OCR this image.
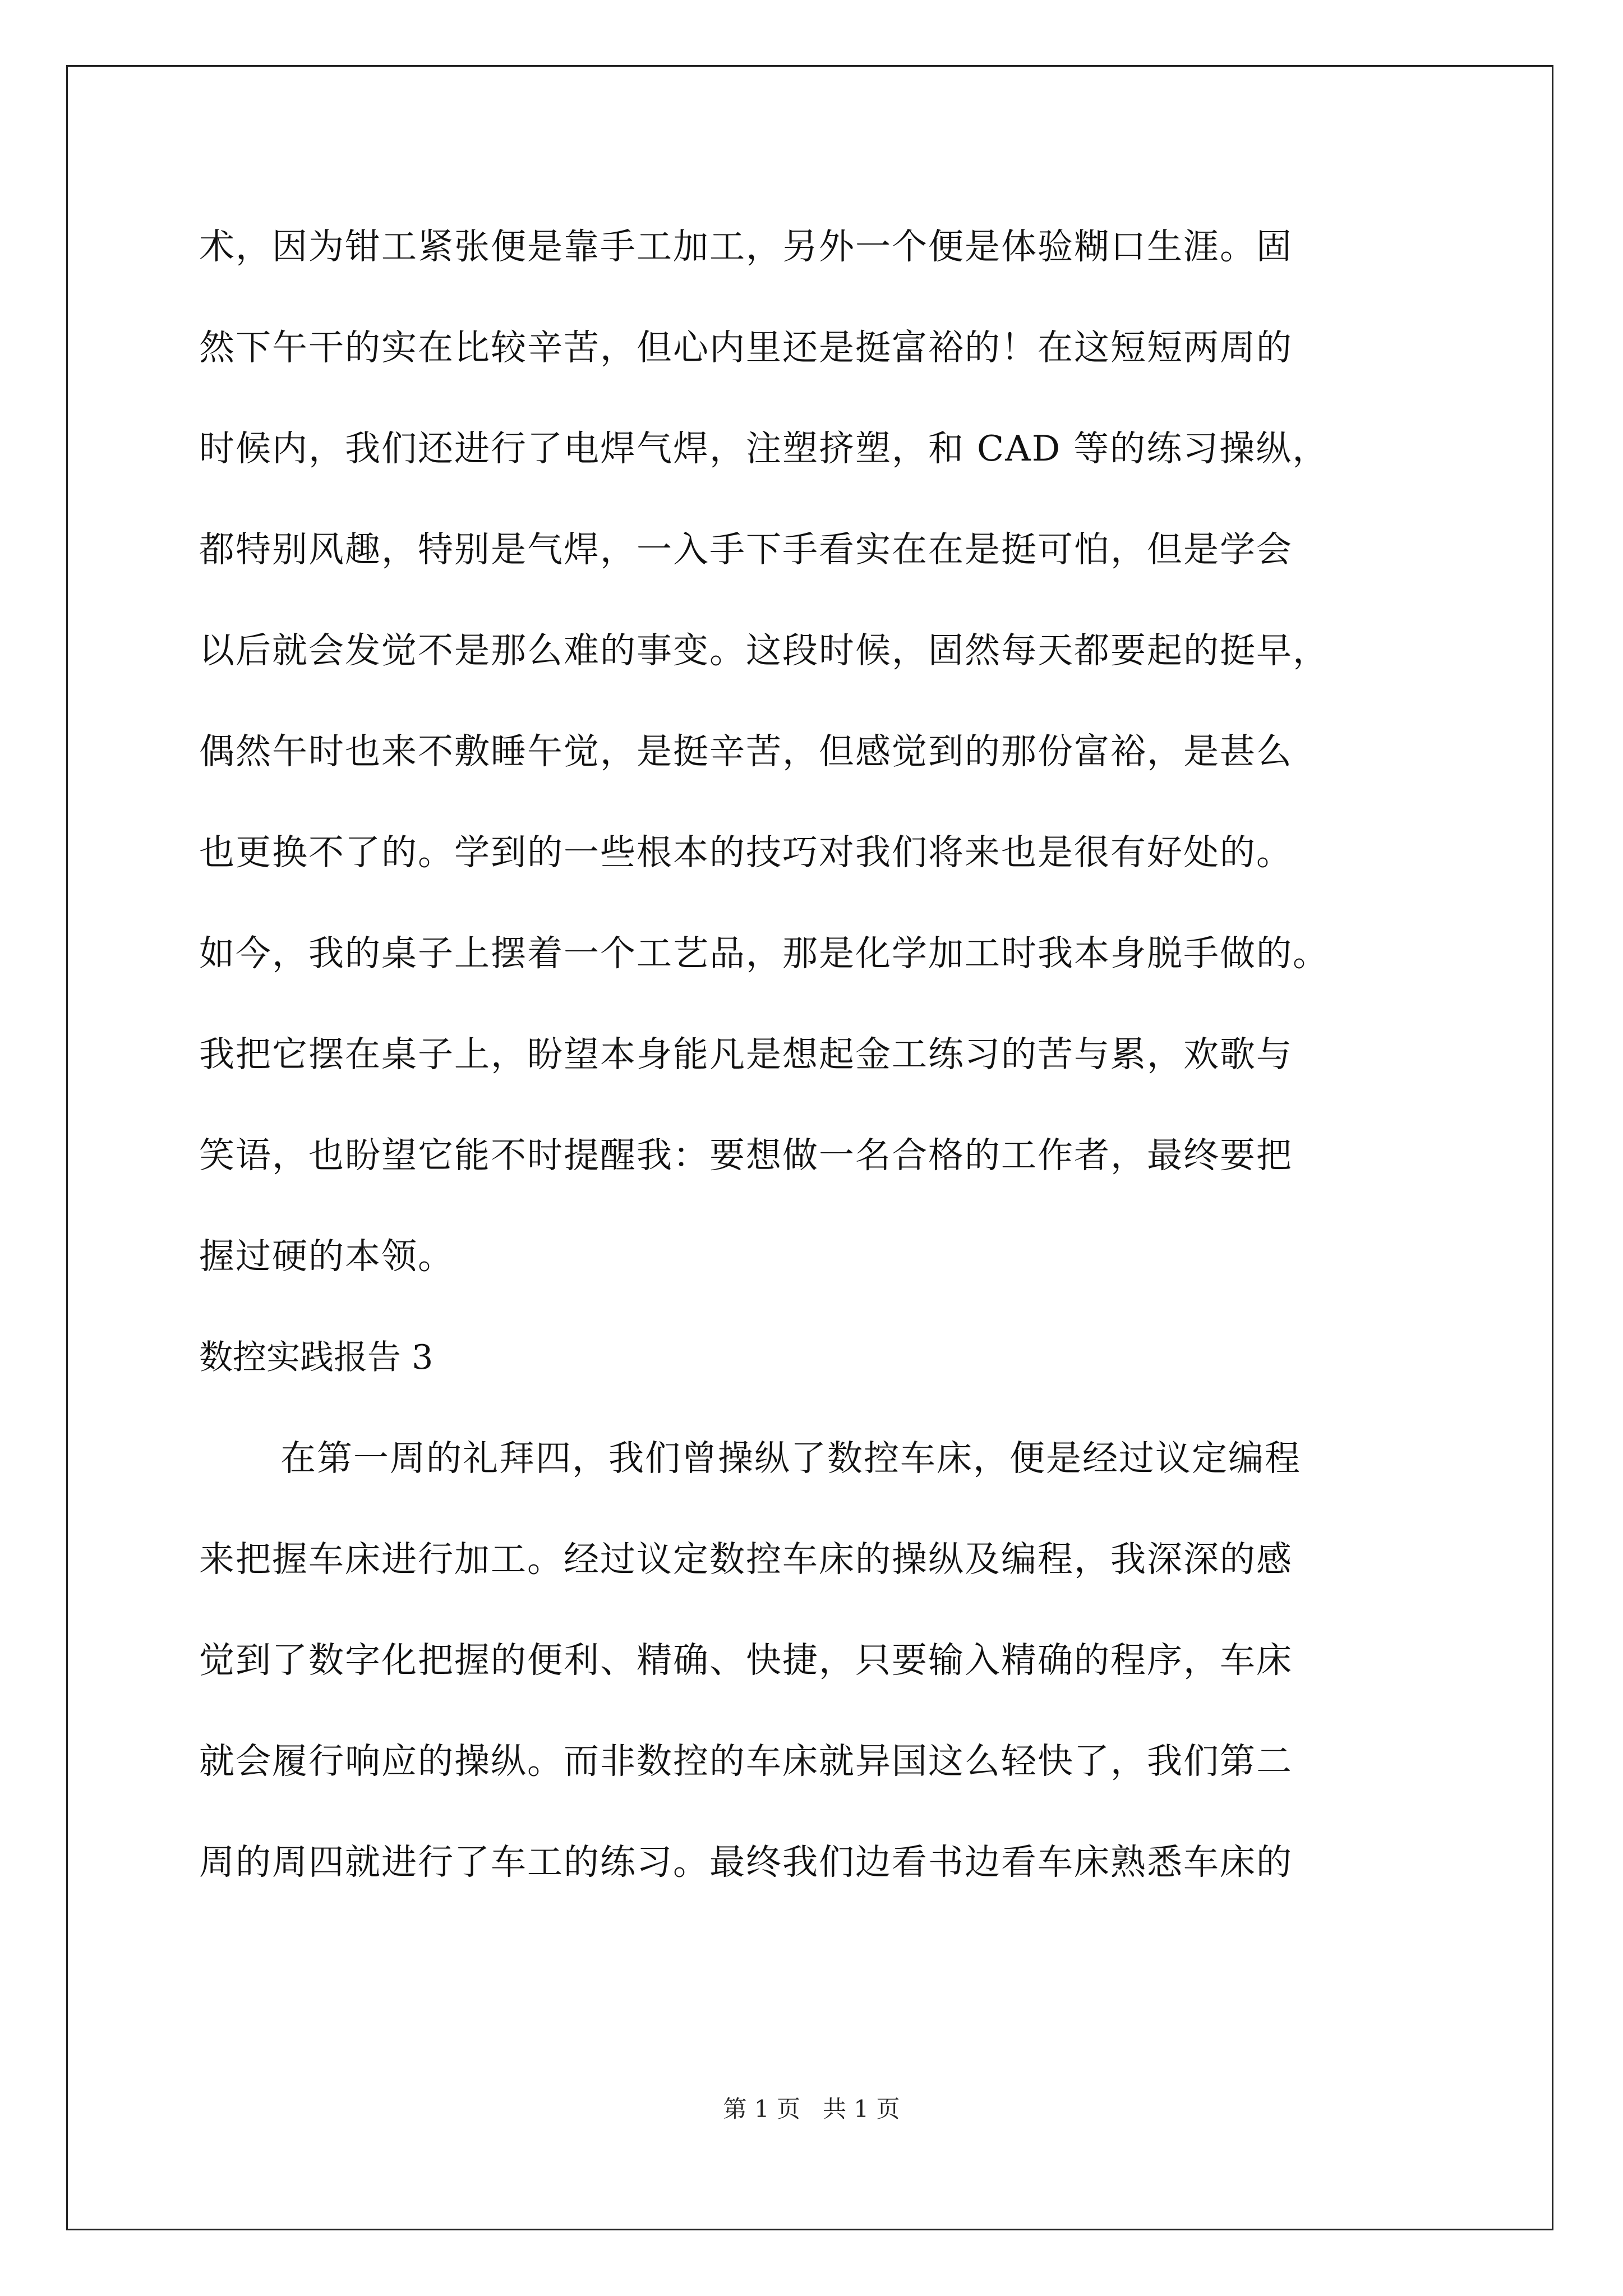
术，因为钳工紧张便是靠手工加工，另外一个便是体验糊口生涯。固
然下午干的实在比较辛苦，但心内里还是挺富裕的！在这短短两周的
时候内，我们还进行了电焊气焊，注塑挤塑，和 CAD 等的练习操纵，
都特别风趣，特别是气焊，一入手下手看实在在是挺可怕，但是学会
以后就会发觉不是那么难的事变。这段时候，固然每天都要起的挺早，
偶然午时也来不敷睡午觉，是挺辛苦，但感觉到的那份富裕，是甚么
也更换不了的。学到的一些根本的技巧对我们将来也是很有好处的。
如今，我的桌子上摆着一个工艺品，那是化学加工时我本身脱手做的。
我把它摆在桌子上，盼望本身能凡是想起金工练习的苦与累，欢歌与
笑语，也盼望它能不时提醒我：要想做一名合格的工作者，最终要把
握过硬的本领。
数控实践报告 3
在第一周的礼拜四，我们曾操纵了数控车床，便是经过议定编程
来把握车床进行加工。经过议定数控车床的操纵及编程，我深深的感
觉到了数字化把握的便利、精确、快捷，只要输入精确的程序，车床
就会履行响应的操纵。而非数控的车床就异国这么轻快了，我们第二
周的周四就进行了车工的练习。最终我们边看书边看车床熟悉车床的
第 1 页   共 1 页
